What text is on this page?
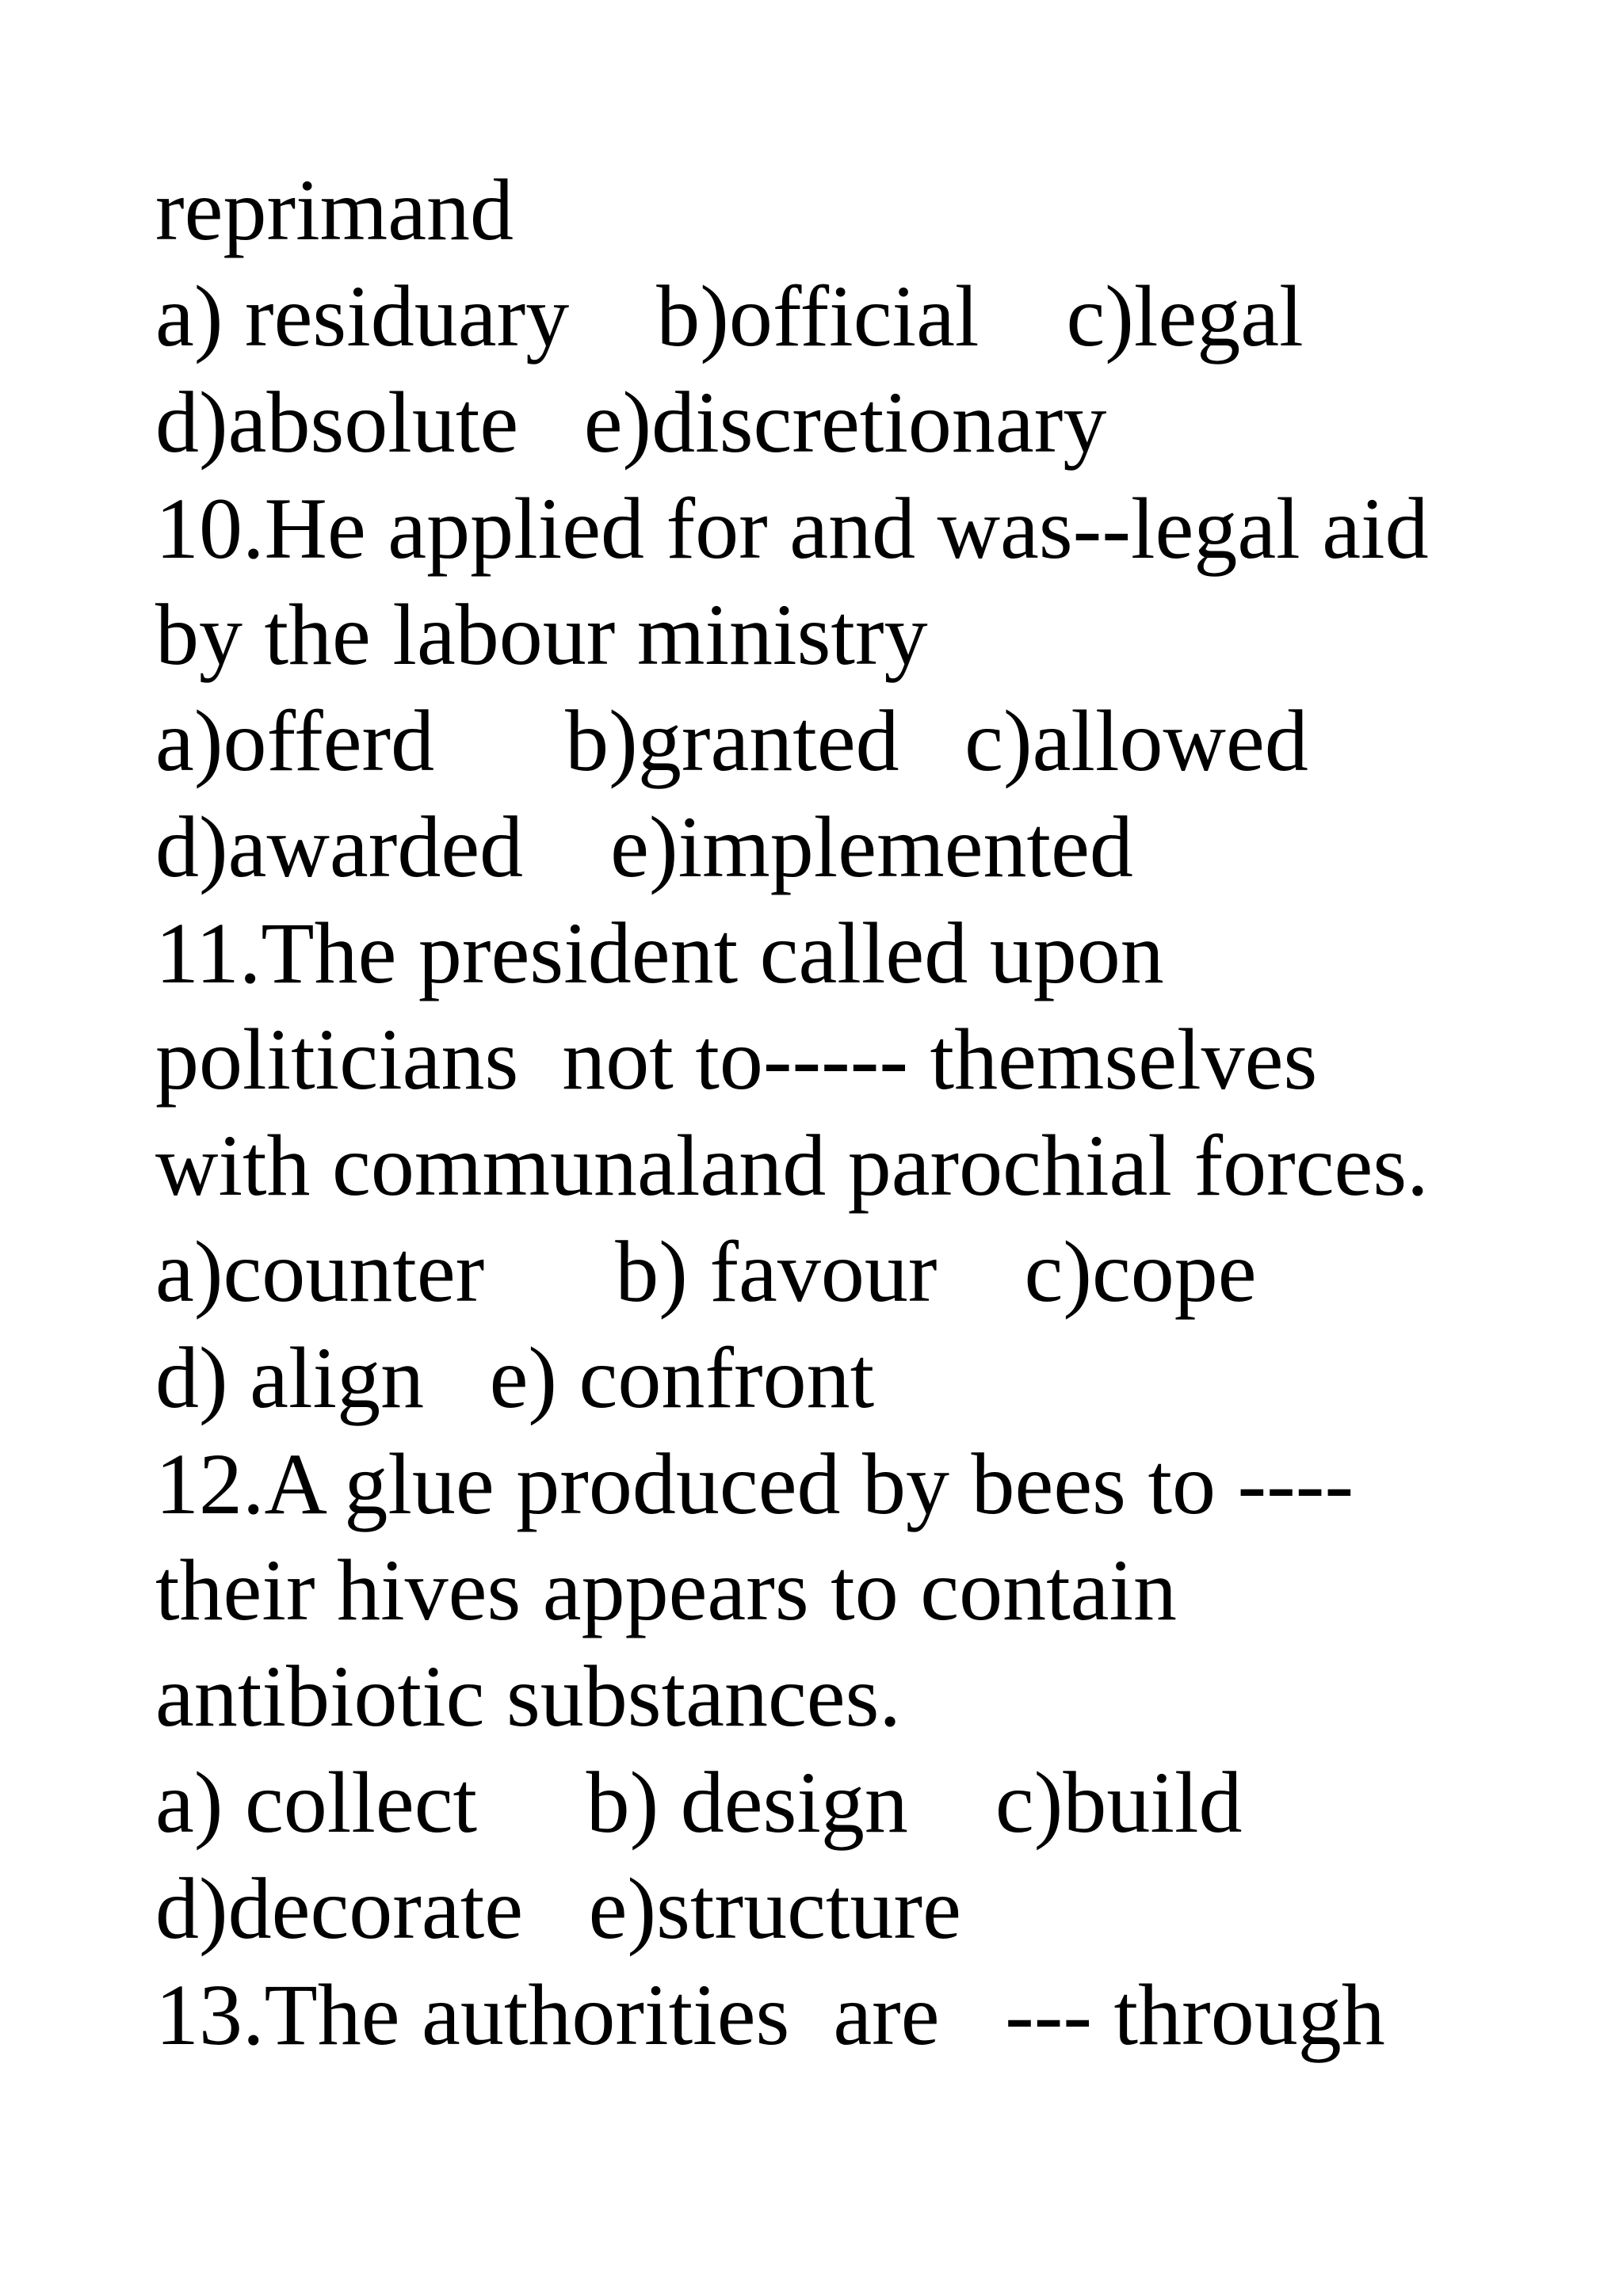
reprimand

a) residuary    b)official    c)legal

d)absolute   e)discretionary

10.He applied for and was--legal aid

by the labour ministry

a)offerd      b)granted   c)allowed

d)awarded    e)implemented

11.The president called upon

politicians  not to----- themselves

with communaland parochial forces.

a)counter      b) favour    c)cope

d) align   e) confront

12.A glue produced by bees to ----

their hives appears to contain

antibiotic substances.

a) collect     b) design    c)build

d)decorate   e)structure

13.The authorities  are   --- through
